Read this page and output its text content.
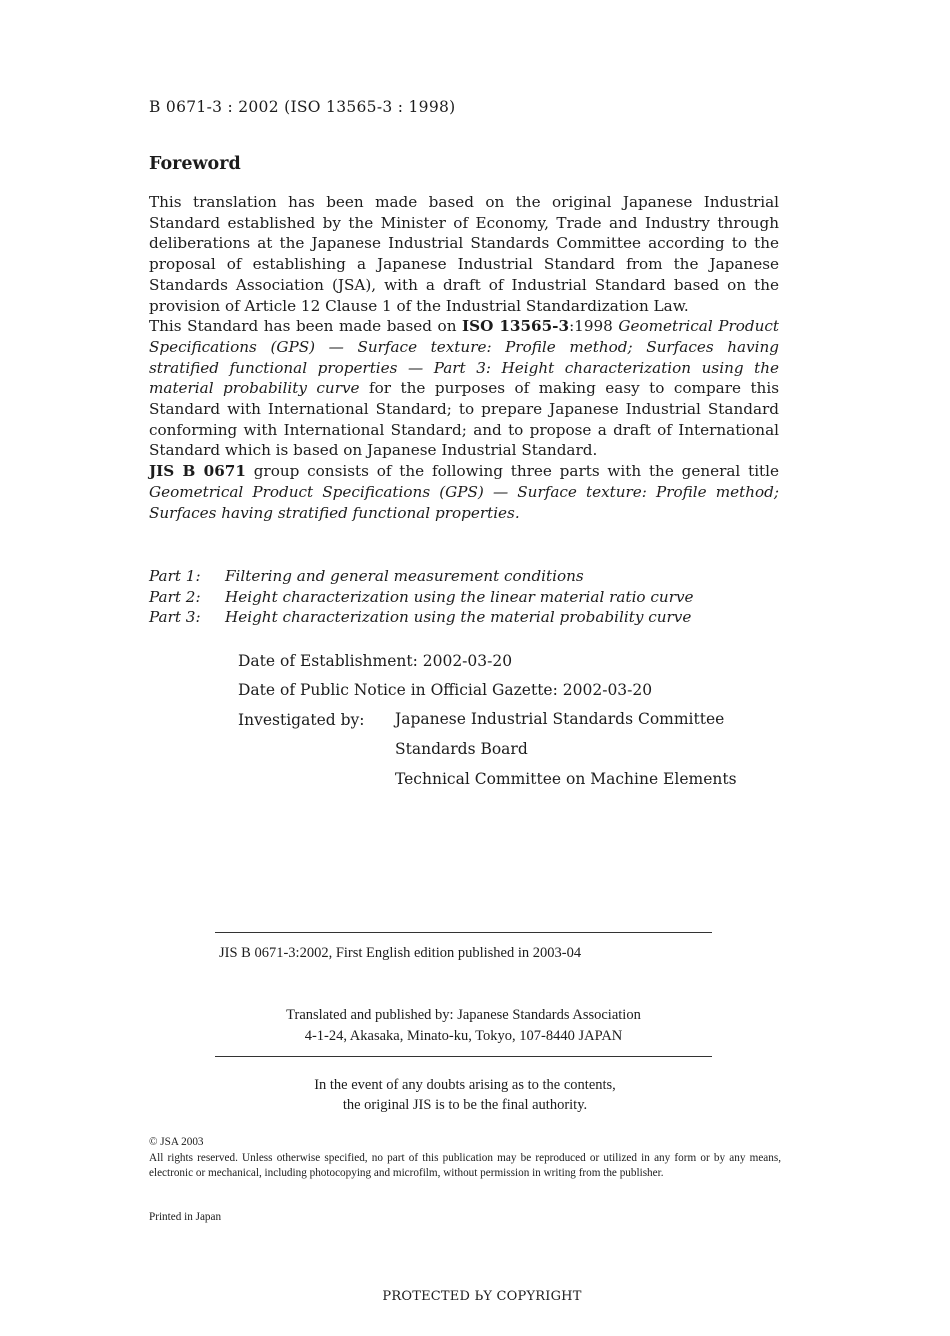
B 0671-3 : 2002 (ISO 13565-3 : 1998)
Foreword

This translation has been made based on the original Japanese Industrial Standard established by the Minister of Economy, Trade and Industry through deliberations at the Japanese Industrial Standards Committee according to the proposal of establishing a Japanese Industrial Standard from the Japanese Standards Association (JSA), with a draft of Industrial Standard based on the provision of Article 12 Clause 1 of the Industrial Standardization Law.

This Standard has been made based on ISO 13565-3:1998 Geometrical Product Specifications (GPS) — Surface texture: Profile method; Surfaces having stratified functional properties — Part 3: Height characterization using the material probability curve for the purposes of making easy to compare this Standard with International Standard; to prepare Japanese Industrial Standard conforming with International Standard; and to propose a draft of International Standard which is based on Japanese Industrial Standard.

JIS B 0671 group consists of the following three parts with the general title Geometrical Product Specifications (GPS) — Surface texture: Profile method; Surfaces having stratified functional properties.

Part 1:	Filtering and general measurement conditions
Part 2:	Height characterization using the linear material ratio curve
Part 3:	Height characterization using the material probability curve
Date of Establishment: 2002-03-20
Date of Public Notice in Official Gazette: 2002-03-20
Investigated by: Japanese Industrial Standards Committee
Standards Board
Technical Committee on Machine Elements
JIS B 0671-3:2002, First English edition published in 2003-04
Translated and published by: Japanese Standards Association
4-1-24, Akasaka, Minato-ku, Tokyo, 107-8440 JAPAN
In the event of any doubts arising as to the contents,
the original JIS is to be the final authority.
© JSA 2003
All rights reserved. Unless otherwise specified, no part of this publication may be reproduced or utilized in any form or by any means, electronic or mechanical, including photocopying and microfilm, without permission in writing from the publisher.
Printed in Japan
PROTECTED ЬY COPYRIGHT
